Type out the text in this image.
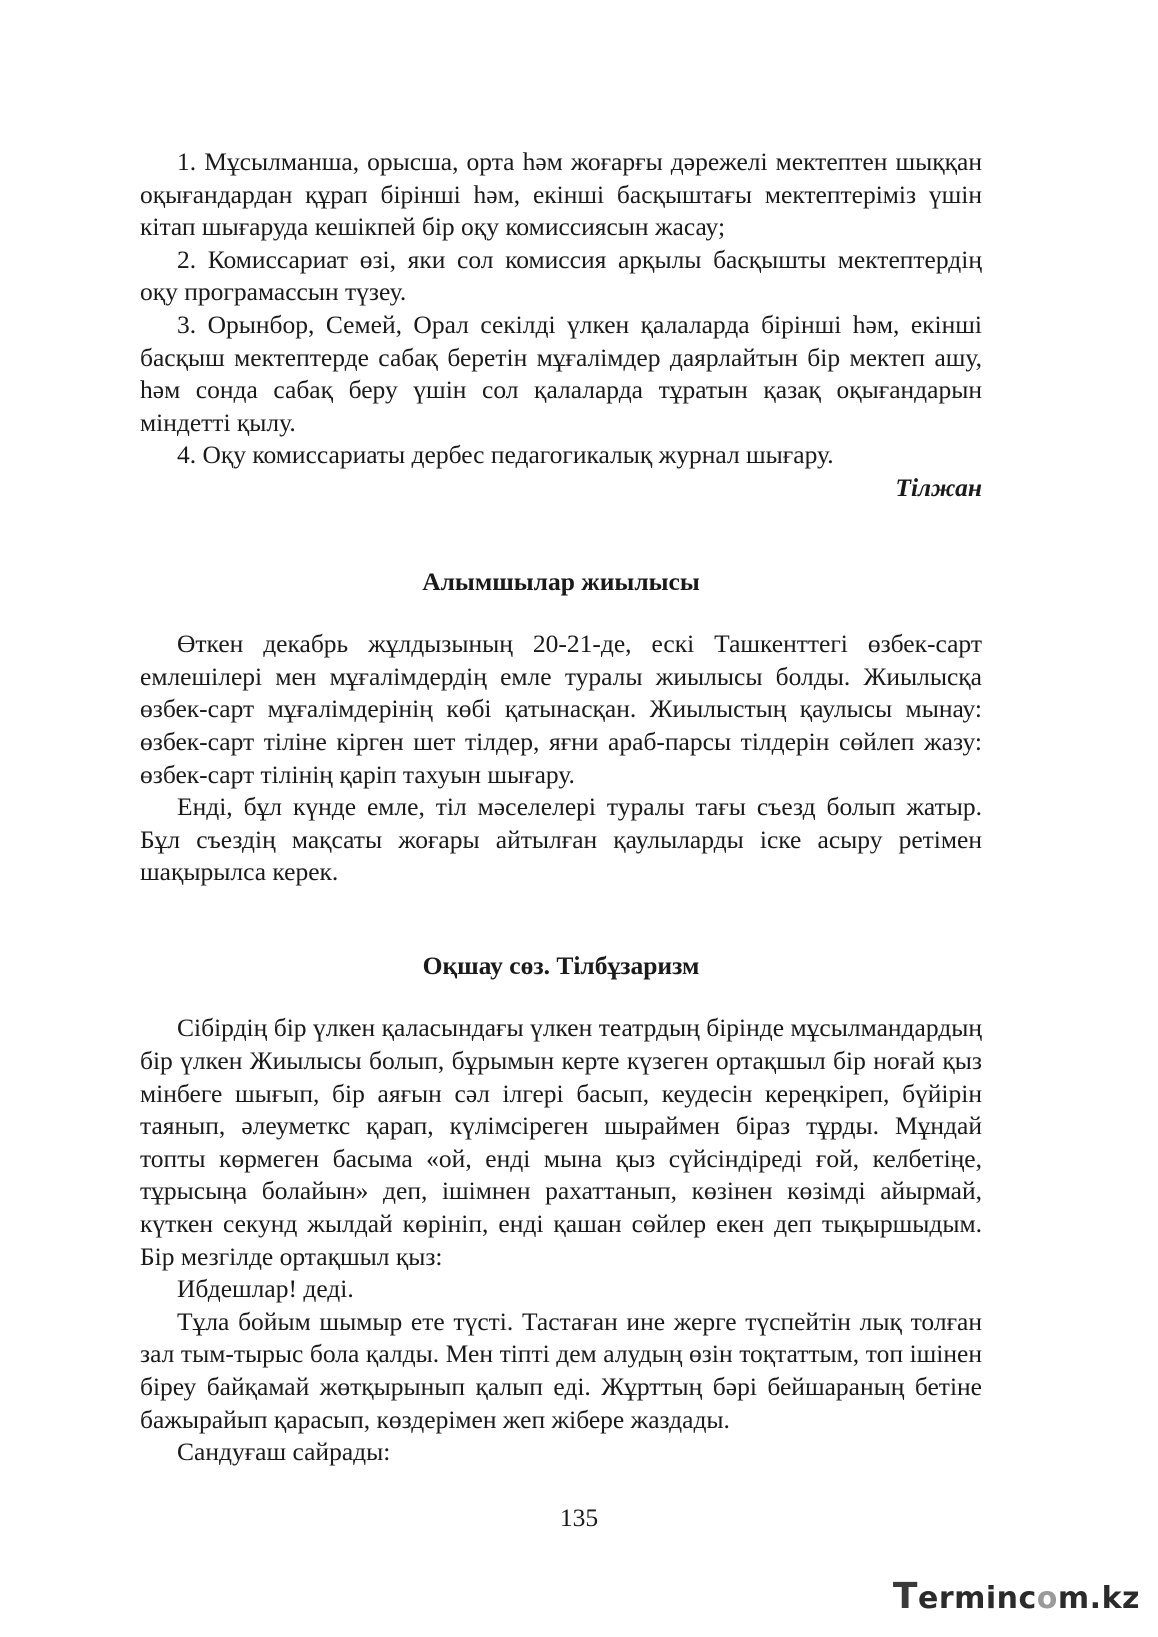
1. Мұсылманша, орысша, орта һәм жоғарғы дәрежелі мектептен шыққан оқығандардан құрап бірінші һәм, екінші басқыштағы мектептеріміз үшін кітап шығаруда кешікпей бір оқу комиссиясын жасау;

2. Комиссариат өзі, яки сол комиссия арқылы басқышты мектептердің оқу програмассын түзеу.

3. Орынбор, Семей, Орал секілді үлкен қалаларда бірінші һәм, екінші басқыш мектептерде сабақ беретін мұғалімдер даярлайтын бір мектеп ашу, һәм сонда сабақ беру үшін сол қалаларда тұратын қазақ оқығандарын міндетті қылу.

4. Оқу комиссариаты дербес педагогикалық журнал шығару.

Тілжан

Алымшылар жиылысы

Өткен декабрь жұлдызының 20-21-де, ескі Ташкенттегі өзбек-сарт емлешілері мен мұғалімдердің емле туралы жиылысы болды. Жиылысқа өзбек-сарт мұғалімдерінің көбі қатынасқан. Жиылыстың қаулысы мынау: өзбек-сарт тіліне кірген шет тілдер, яғни араб-парсы тілдерін сөйлеп жазу: өзбек-сарт тілінің қаріп тахуын шығару.

Енді, бұл күнде емле, тіл мәселелері туралы тағы съезд болып жатыр. Бұл съездің мақсаты жоғары айтылған қаулыларды іске асыру ретімен шақырылса керек.

Оқшау сөз. Тілбұзаризм

Сібірдің бір үлкен қаласындағы үлкен театрдың бірінде мұсылмандардың бір үлкен Жиылысы болып, бұрымын керте күзеген ортақшыл бір ноғай қыз мінбеге шығып, бір аяғын сәл ілгері басып, кеудесін кереңкіреп, бүйірін таянып, әлеуметкс қарап, күлімсіреген шыраймен біраз тұрды. Мұндай топты көрмеген басыма «ой, енді мына қыз сүйсіндіреді ғой, келбетіңе, тұрысыңа болайын» деп, ішімнен рахаттанып, көзінен көзімді айырмай, күткен секунд жылдай көрініп, енді қашан сөйлер екен деп тықыршыдым. Бір мезгілде ортақшыл қыз:

Ибдешлар! деді.

Тұла бойым шымыр ете түсті. Тастаған ине жерге түспейтін лық толған зал тым-тырыс бола қалды. Мен тіпті дем алудың өзін тоқтаттым, топ ішінен біреу байқамай жөтқырынып қалып еді. Жұрттың бәрі бейшараның бетіне бажырайып қарасып, көздерімен жеп жібере жаздады.

Сандуғаш сайрады:

135
Termincom.kz
